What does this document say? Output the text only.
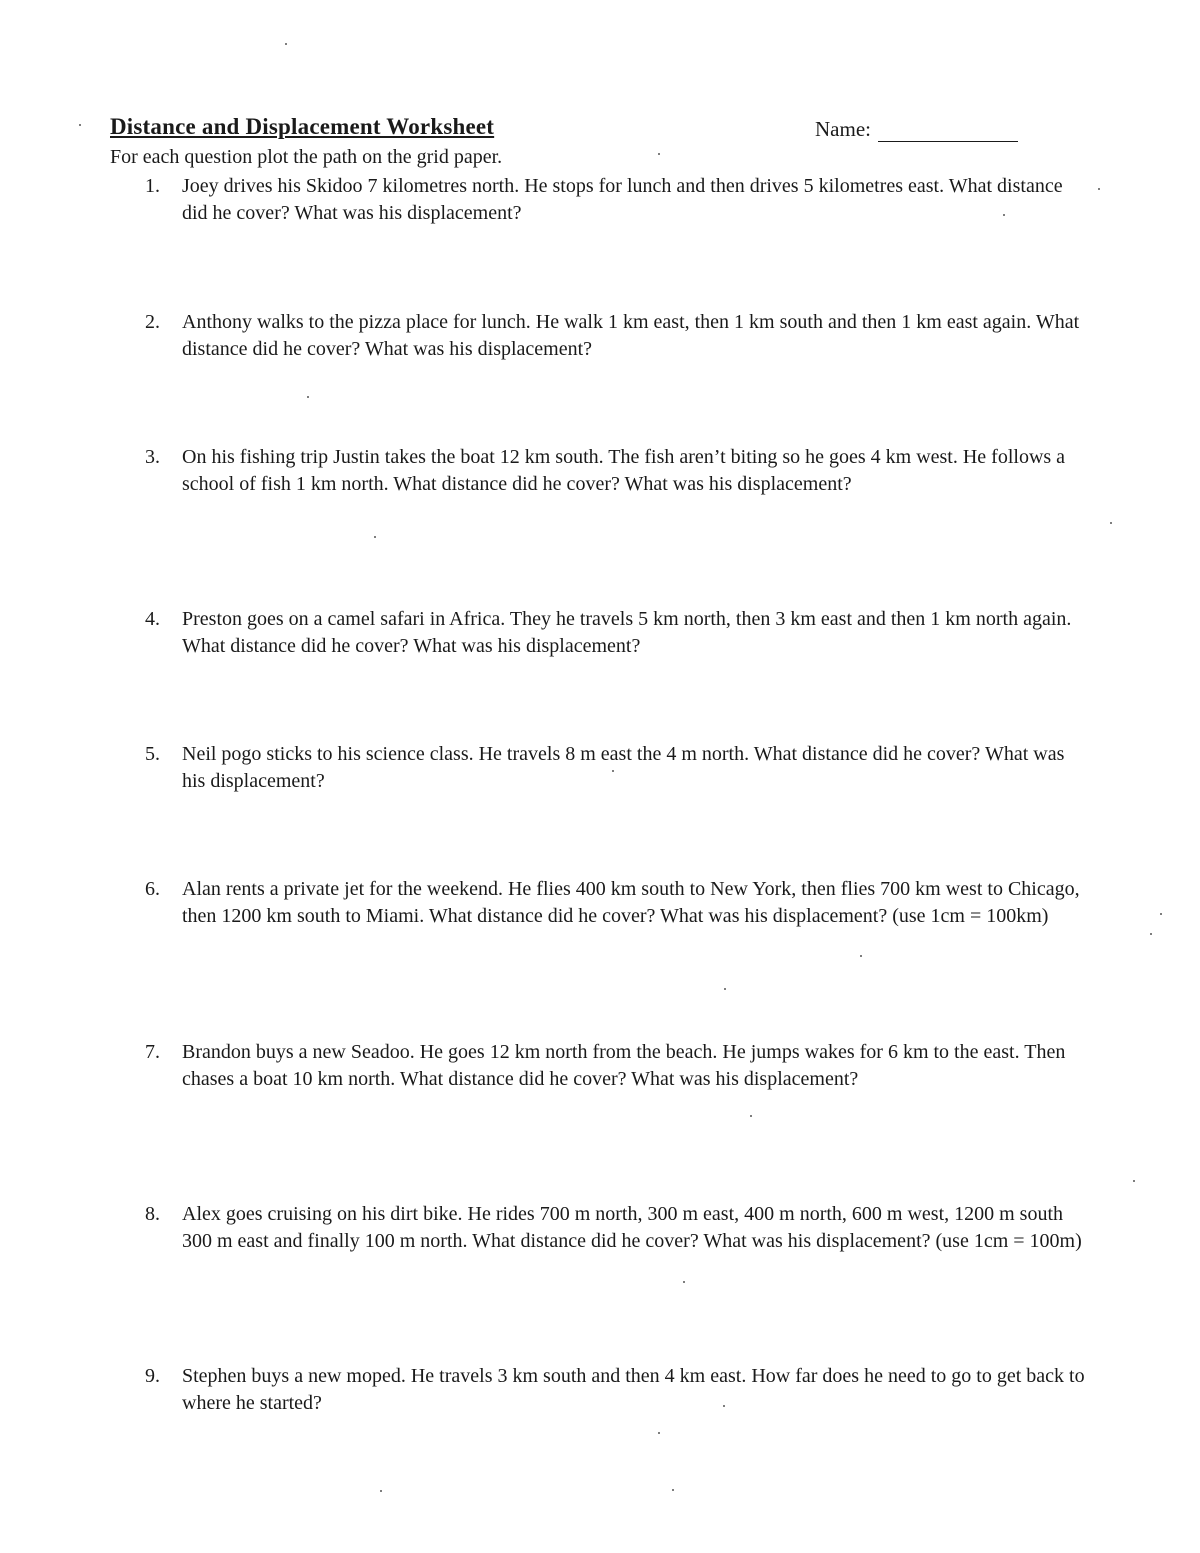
Distance and Displacement Worksheet	Name:
For each question plot the path on the grid paper.
1.	Joey drives his Skidoo 7 kilometres north. He stops for lunch and then drives 5 kilometres east. What distance did he cover? What was his displacement?
2.	Anthony walks to the pizza place for lunch. He walk 1 km east, then 1 km south and then 1 km east again. What distance did he cover? What was his displacement?
3.	On his fishing trip Justin takes the boat 12 km south. The fish aren’t biting so he goes 4 km west. He follows a school of fish 1 km north. What distance did he cover? What was his displacement?
4.	Preston goes on a camel safari in Africa. They he travels 5 km north, then 3 km east and then 1 km north again. What distance did he cover? What was his displacement?
5.	Neil pogo sticks to his science class. He travels 8 m east the 4 m north. What distance did he cover? What was his displacement?
6.	Alan rents a private jet for the weekend. He flies 400 km south to New York, then flies 700 km west to Chicago, then 1200 km south to Miami. What distance did he cover? What was his displacement? (use 1cm = 100km)
7.	Brandon buys a new Seadoo. He goes 12 km north from the beach. He jumps wakes for 6 km to the east. Then chases a boat 10 km north. What distance did he cover? What was his displacement?
8.	Alex goes cruising on his dirt bike. He rides 700 m north, 300 m east, 400 m north, 600 m west, 1200 m south 300 m east and finally 100 m north. What distance did he cover? What was his displacement? (use 1cm = 100m)
9.	Stephen buys a new moped. He travels 3 km south and then 4 km east. How far does he need to go to get back to where he started?
